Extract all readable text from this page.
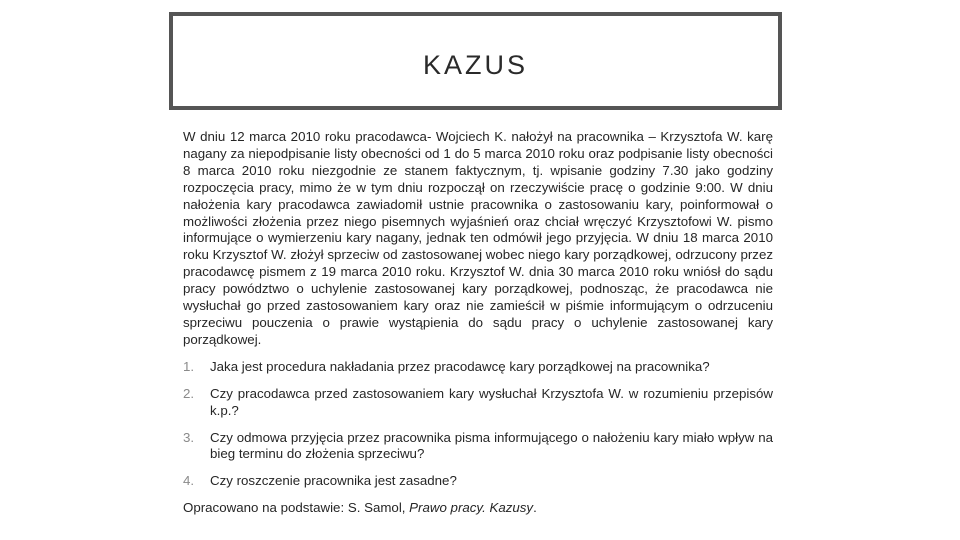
KAZUS

W dniu 12 marca 2010 roku pracodawca- Wojciech K. nałożył na pracownika – Krzysztofa W. karę nagany za niepodpisanie listy obecności od 1 do 5 marca 2010 roku oraz podpisanie listy obecności 8 marca 2010 roku niezgodnie ze stanem faktycznym, tj. wpisanie godziny 7.30 jako godziny rozpoczęcia pracy, mimo że w tym dniu rozpoczął on rzeczywiście pracę o godzinie 9:00. W dniu nałożenia kary pracodawca zawiadomił ustnie pracownika o zastosowaniu kary, poinformował o możliwości złożenia przez niego pisemnych wyjaśnień oraz chciał wręczyć Krzysztofowi W. pismo informujące o wymierzeniu kary nagany, jednak ten odmówił jego przyjęcia. W dniu 18 marca 2010 roku Krzysztof W. złożył sprzeciw od zastosowanej wobec niego kary porządkowej, odrzucony przez pracodawcę pismem z 19 marca 2010 roku. Krzysztof W. dnia 30 marca 2010 roku wniósł do sądu pracy powództwo o uchylenie zastosowanej kary porządkowej, podnosząc, że pracodawca nie wysłuchał go przed zastosowaniem kary oraz nie zamieścił w piśmie informującym o odrzuceniu sprzeciwu pouczenia o prawie wystąpienia do sądu pracy o uchylenie zastosowanej kary porządkowej.

1.	Jaka jest procedura nakładania przez pracodawcę kary porządkowej na pracownika?
2.	Czy pracodawca przed zastosowaniem kary wysłuchał Krzysztofa W. w rozumieniu przepisów k.p.?
3.	Czy odmowa przyjęcia przez pracownika pisma informującego o nałożeniu kary miało wpływ na bieg terminu do złożenia sprzeciwu?
4.	Czy roszczenie pracownika jest zasadne?

Opracowano na podstawie: S. Samol, Prawo pracy. Kazusy.
